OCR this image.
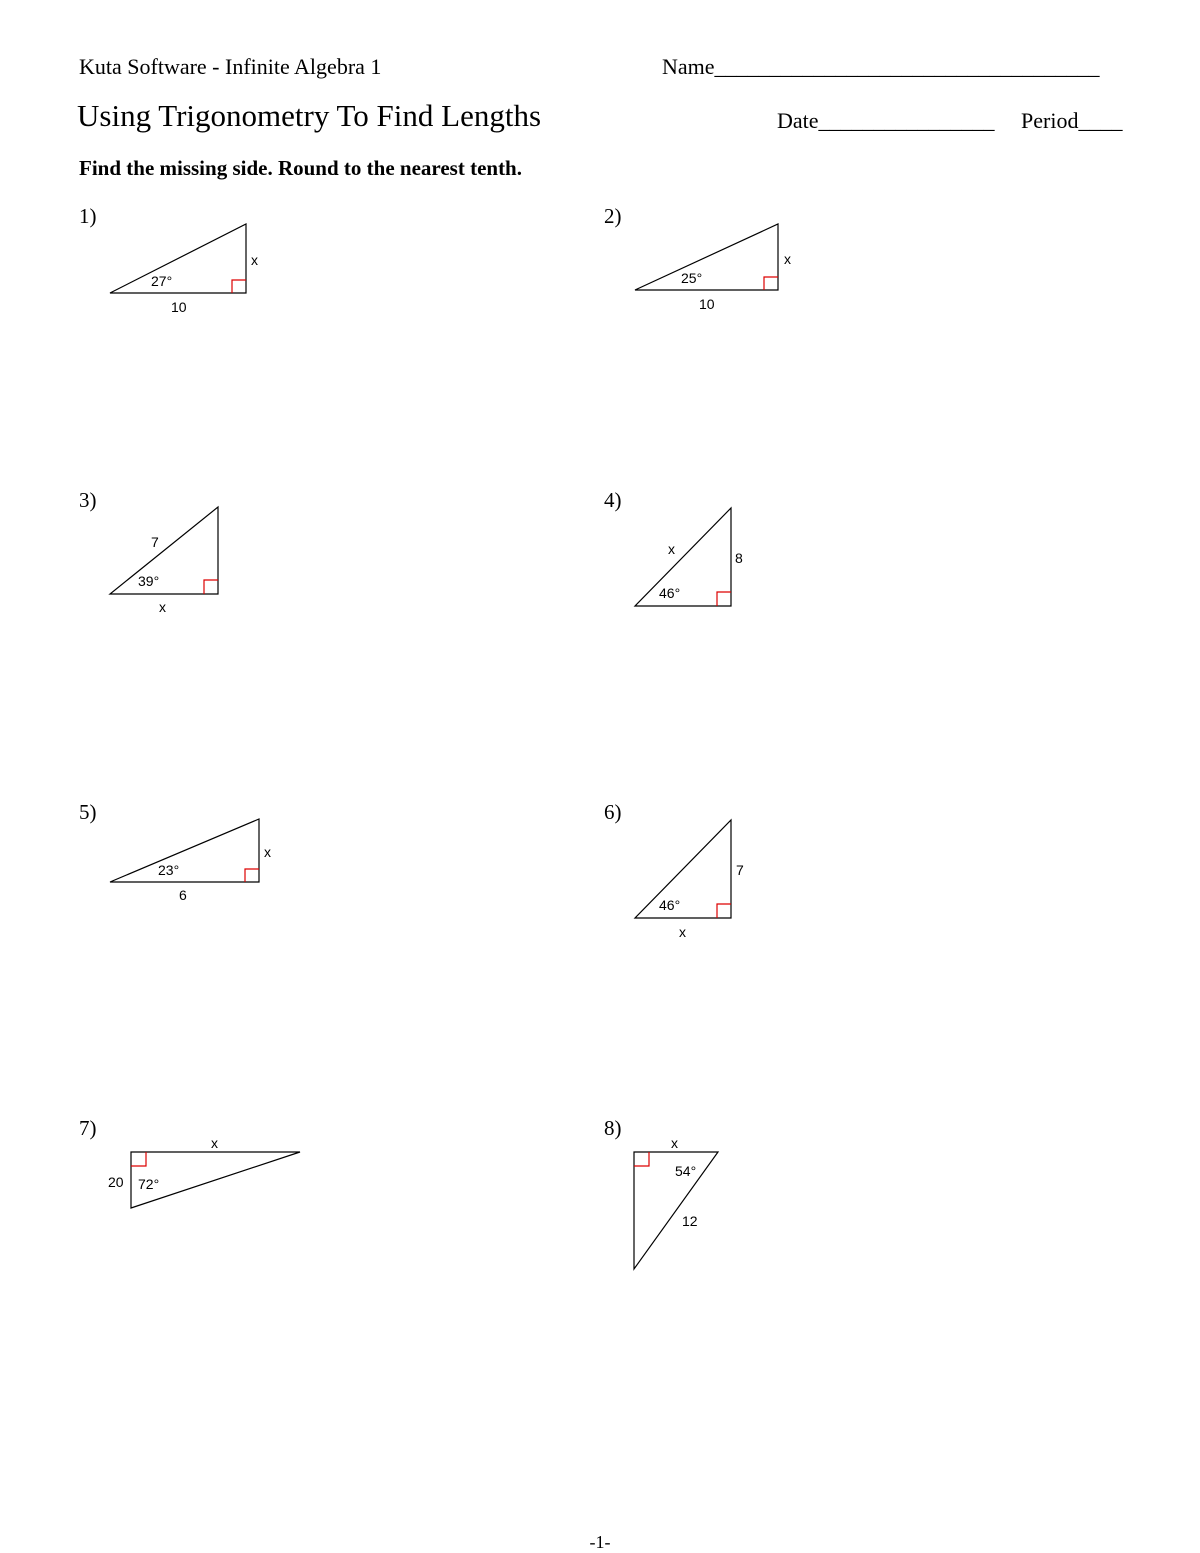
Kuta Software - Infinite Algebra 1	Name___________________________________
Using Trigonometry To Find Lengths	Date________________ Period____
Find the missing side. Round to the nearest tenth.
1)	2)
3)	4)
5)	6)
7)	8)
27°
10
x
25°
10
x
7
39°
x
x
8
46°
23°
6
x
7
46°
x
x
20 72°
x
54°
12
-1-
